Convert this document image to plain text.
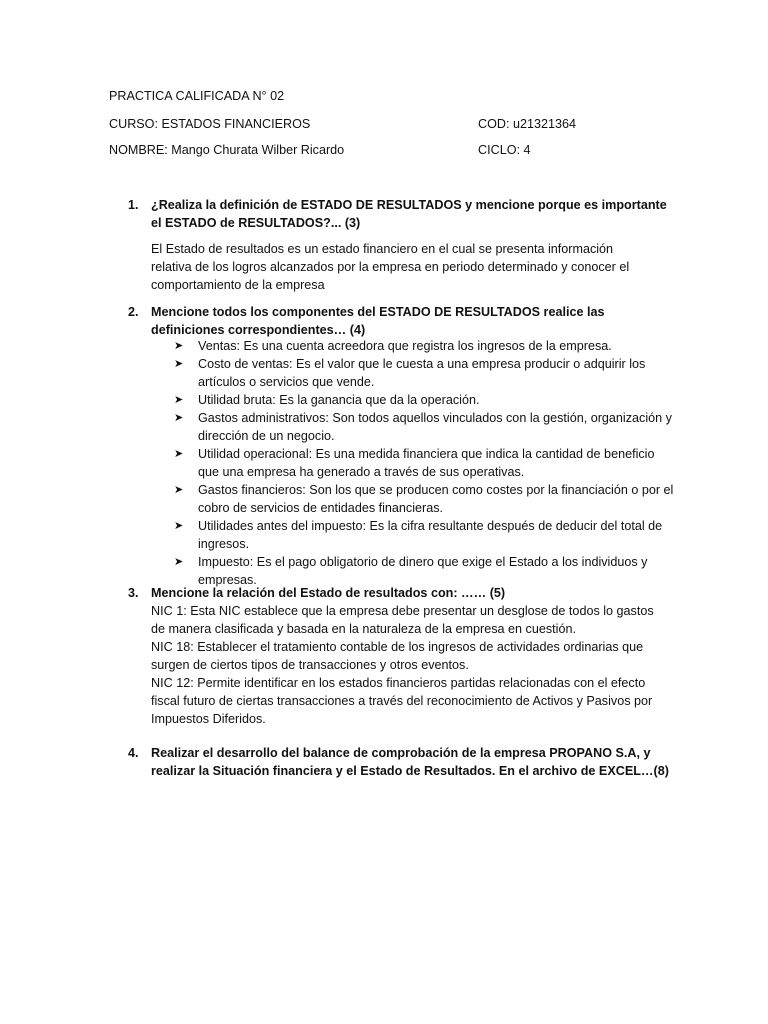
PRACTICA CALIFICADA N° 02
CURSO: ESTADOS FINANCIEROS	COD: u21321364
NOMBRE: Mango Churata Wilber Ricardo	CICLO: 4
1. ¿Realiza la definición de ESTADO DE RESULTADOS y mencione porque es importante el ESTADO de RESULTADOS?... (3)
El Estado de resultados es un estado financiero en el cual se presenta información relativa de los logros alcanzados por la empresa en periodo determinado y conocer el comportamiento de la empresa
2. Mencione todos los componentes del ESTADO DE RESULTADOS realice las definiciones correspondientes… (4)
➤ Ventas: Es una cuenta acreedora que registra los ingresos de la empresa.
➤ Costo de ventas: Es el valor que le cuesta a una empresa producir o adquirir los artículos o servicios que vende.
➤ Utilidad bruta: Es la ganancia que da la operación.
➤ Gastos administrativos: Son todos aquellos vinculados con la gestión, organización y dirección de un negocio.
➤ Utilidad operacional: Es una medida financiera que indica la cantidad de beneficio que una empresa ha generado a través de sus operativas.
➤ Gastos financieros: Son los que se producen como costes por la financiación o por el cobro de servicios de entidades financieras.
➤ Utilidades antes del impuesto: Es la cifra resultante después de deducir del total de ingresos.
➤ Impuesto: Es el pago obligatorio de dinero que exige el Estado a los individuos y empresas.
3. Mencione la relación del Estado de resultados con: …… (5)
NIC 1: Esta NIC establece que la empresa debe presentar un desglose de todos lo gastos de manera clasificada y basada en la naturaleza de la empresa en cuestión.
NIC 18: Establecer el tratamiento contable de los ingresos de actividades ordinarias que surgen de ciertos tipos de transacciones y otros eventos.
NIC 12: Permite identificar en los estados financieros partidas relacionadas con el efecto fiscal futuro de ciertas transacciones a través del reconocimiento de Activos y Pasivos por Impuestos Diferidos.
4. Realizar el desarrollo del balance de comprobación de la empresa PROPANO S.A, y realizar la Situación financiera y el Estado de Resultados. En el archivo de EXCEL…(8)
